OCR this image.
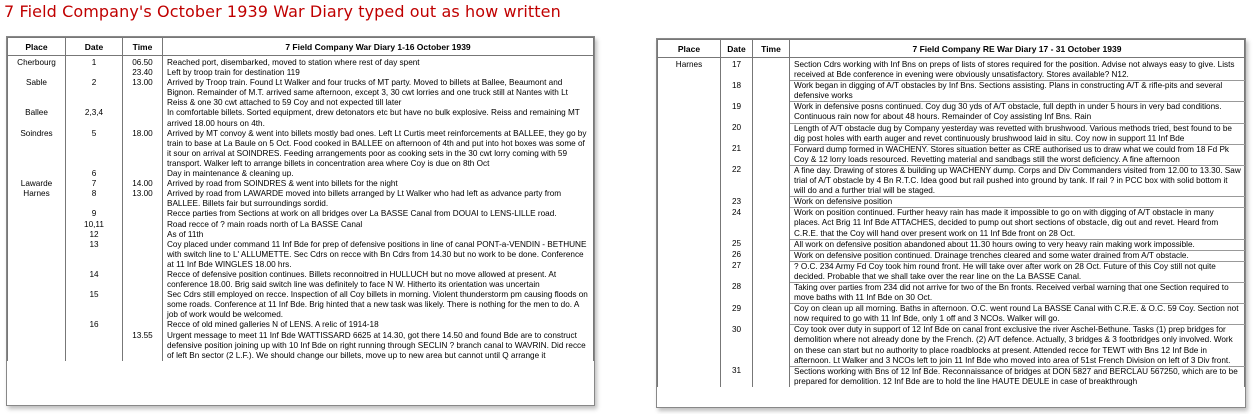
7 Field Company's October 1939 War Diary typed out as how written
Place	Date	Time	7 Field Company War Diary 1-16 October 1939
Cherbourg	1	06.50	Reached port, disembarked, moved to station where rest of day spent
		23.40	Left by troop train for destination 119
Sable	2	13.00	Arrived by Troop train. Found Lt Walker and four trucks of MT party. Moved to billets at Ballee, Beaumont and Bignon. Remainder of M.T. arrived same afternoon, except 3, 30 cwt lorries and one truck still at Nantes with Lt Reiss & one 30 cwt attached to 59 Coy and not expected till later
Ballee	2,3,4		In comfortable billets. Sorted equipment, drew detonators etc but have no bulk explosive. Reiss and remaining MT arrived 18.00 hours on 4th.
Soindres	5	18.00	Arrived by MT convoy & went into billets mostly bad ones. Left Lt Curtis meet reinforcements at BALLEE, they go by train to base at La Baule on 5 Oct. Food cooked in BALLEE on afternoon of 4th and put into hot boxes was some of it sour on arrival at SOINDRES. Feeding arrangements poor as cooking sets in the 30 cwt lorry coming with 59 transport. Walker left to arrange billets in concentration area where Coy is due on 8th Oct
	6		Day in maintenance & cleaning up.
Lawarde	7	14.00	Arrived by road from SOINDRES & went into billets for the night
Harnes	8	13.00	Arrived by road from LAWARDE moved into billets arranged by Lt Walker who had left as advance party from BALLEE. Billets fair but surroundings sordid.
	9		Recce parties from Sections at work on all bridges over La BASSE Canal from DOUAI to LENS-LILLE road.
	10,11		Road recce of ? main roads north of La BASSE Canal
	12		As of 11th
	13		Coy placed under command 11 Inf Bde for prep of defensive positions in line of canal PONT-a-VENDIN - BETHUNE with switch line to L' ALLUMETTE. Sec Cdrs on recce with Bn Cdrs from 14.30 but no work to be done. Conference at 11 Inf Bde WINGLES 18.00 hrs.
	14		Recce of defensive position continues. Billets reconnoitred in HULLUCH but no move allowed at present. At conference 18.00. Brig said switch line was definitely to face N W. Hitherto its orientation was uncertain
	15		Sec Cdrs still employed on recce. Inspection of all Coy billets in morning. Violent thunderstorm pm causing floods on some roads. Conference at 11 Inf Bde. Brig hinted that a new task was likely. There is nothing for the men to do. A job of work would be welcomed.
	16		Recce of old mined galleries N of LENS. A relic of 1914-18
		13.55	Urgent message to meet 11 Inf Bde WATTISSARD 6625 at 14.30, got there 14.50 and found Bde are to construct defensive position joining up with 10 Inf Bde on right running through SECLIN ? branch canal to WAVRIN. Did recce of left Bn sector (2 L.F.). We should change our billets, move up to new area but cannot until Q arrange it

Place	Date	Time	7 Field Company RE War Diary 17 - 31 October 1939
Harnes	17		Section Cdrs working with Inf Bns on preps of lists of stores required for the position. Advise not always easy to give. Lists received at Bde conference in evening were obviously unsatisfactory. Stores available? N12.
	18		Work began in digging of A/T obstacles by Inf Bns. Sections assisting. Plans in constructing A/T & rifle-pits and several defensive works
	19		Work in defensive posns continued. Coy dug 30 yds of A/T obstacle, full depth in under 5 hours in very bad conditions. Continuous rain now for about 48 hours. Remainder of Coy assisting Inf Bns. Rain
	20		Length of A/T obstacle dug by Company yesterday was revetted with brushwood. Various methods tried, best found to be dig post holes with earth auger and revet continuously brushwood laid in situ. Coy now in support 11 Inf Bde
	21		Forward dump formed in WACHENY. Stores situation better as CRE authorised us to draw what we could from 18 Fd Pk Coy & 12 lorry loads resourced. Revetting material and sandbags still the worst deficiency. A fine afternoon
	22		A fine day. Drawing of stores & building up WACHENY dump. Corps and Div Commanders visited from 12.00 to 13.30. Saw trial of A/T obstacle by 4 Bn R.T.C. Idea good but rail pushed into ground by tank. If rail ? in PCC box with solid bottom it will do and a further trial will be staged.
	23		Work on defensive position
	24		Work on position continued. Further heavy rain has made it impossible to go on with digging of A/T obstacle in many places. Act Brig 11 Inf Bde ATTACHES, decided to pump out short sections of obstacle, dig out and revet. Heard from C.R.E. that the Coy will hand over present work on 11 Inf Bde front on 28 Oct.
	25		All work on defensive position abandoned about 11.30 hours owing to very heavy rain making work impossible.
	26		Work on defensive position continued. Drainage trenches cleared and some water drained from A/T obstacle.
	27		? O.C. 234 Army Fd Coy took him round front. He will take over after work on 28 Oct. Future of this Coy still not quite decided. Probable that we shall take over the rear line on the La BASSE Canal.
	28		Taking over parties from 234 did not arrive for two of the Bn fronts. Received verbal warning that one Section required to move baths with 11 Inf Bde on 30 Oct.
	29		Coy on clean up all morning. Baths in afternoon. O.C. went round La BASSE Canal with C.R.E. & O.C. 59 Coy. Section not now required to go with 11 Inf Bde, only 1 off and 3 NCOs. Walker will go.
	30		Coy took over duty in support of 12 Inf Bde on canal front exclusive the river Aschel-Bethune. Tasks (1) prep bridges for demolition where not already done by the French. (2) A/T defence. Actually, 3 bridges & 3 footbridges only involved. Work on these can start but no authority to place roadblocks at present. Attended recce for TEWT with Bns 12 Inf Bde in afternoon. Lt Walker and 3 NCOs left to join 11 Inf Bde who moved into area of 51st French Division on left of 3 Div front.
	31		Sections working with Bns of 12 Inf Bde. Reconnaissance of bridges at DON 5827 and BERCLAU 567250, which are to be prepared for demolition. 12 Inf Bde are to hold the line HAUTE DEULE in case of breakthrough
